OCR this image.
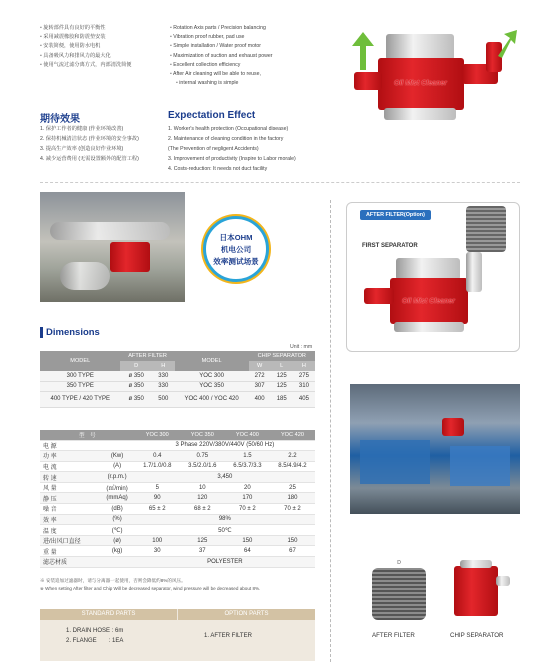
▪ 旋转部件具有良好的平衡性
▪ 采用减震橡胶和防震垫安装
▪ 安装简便，使用防水电机
▪ 具备吸风力和排风力的最大化
▪ 使用气流过滤分离方式，内部清洗简便
▪ Rotation Axis parts / Precision balancing
▪ Vibration proof rubber, pad use
▪ Simple installation / Water proof motor
▪ Maximization of suction and exhaust power
▪ Excellent collection efficiency
▪ After Air cleaning will be able to reuse,
▪ internal washing is simple	Oil Mist Cleaner
期待效果	Expectation Effect
1. 保护工作者的健康 (作业环境改善)
2. 保持机械清洁状态 (作业环境的安全事故)
3. 提高生产效率 (创造良好作业环境)
4. 减少运营费用 (无需设置额外的配管工程)
1. Worker's health protection (Occupational disease)
2. Maintenance of cleaning condition in the factory
(The Prevention of negligent Accidents)
3. Improvement of productivity (Inspire to Labor morale)
4. Costs-reduction: It needs not duct facility
日本OHM
机电公司
效率测试场景
AFTER FILTER(Option)
FIRST SEPARATOR
Oil Mist Cleaner
Dimensions
Unit : mm
MODEL	AFTER FILTER		MODEL	CHIP SEPARATOR		
	D	H		W	L	H
300 TYPE	ø 350	330	YOC 300	272	125	275
350 TYPE	ø 350	330	YOC 350	307	125	310
400 TYPE / 420 TYPE	ø 350	500	YOC 400 / YOC 420	400	185	405
型　号		YOC 300	YOC 350	YOC 400	YOC 420
电 源		3 Phase 220V/380V/440V (50/60 Hz)			
功 率	(Kw)	0.4	0.75	1.5	2.2
电 流	(A)	1.7/1.0/0.8	3.5/2.0/1.6	6.5/3.7/3.3	8.5/4.9/4.2
转 速	(r.p.m.)	3,450			
风 量	(㎥/min)	5	10	20	25
静 压	(mmAq)	90	120	170	180
噪 音	(dB)	65 ± 2	68 ± 2	70 ± 2	70 ± 2
效 率	(%)	98%			
温 度	(℃)	50℃			
进/出风口直径	(ø)	100	125	150	150
重 量	(kg)	30	37	64	67
滤芯材质		POLYESTER			
※ 安装追加过滤器时，请与分离器一起使用，否则会降低约8%的风压。
※ When setting After filter and Chip Will be decreased separator, wind pressure will be decreased about 8%.
STANDARD PARTS
1. DRAIN HOSE : 6m
2. FLANGE　　: 1EA
OPTION PARTS
1. AFTER FILTER
D
AFTER FILTER	CHIP SEPARATOR
